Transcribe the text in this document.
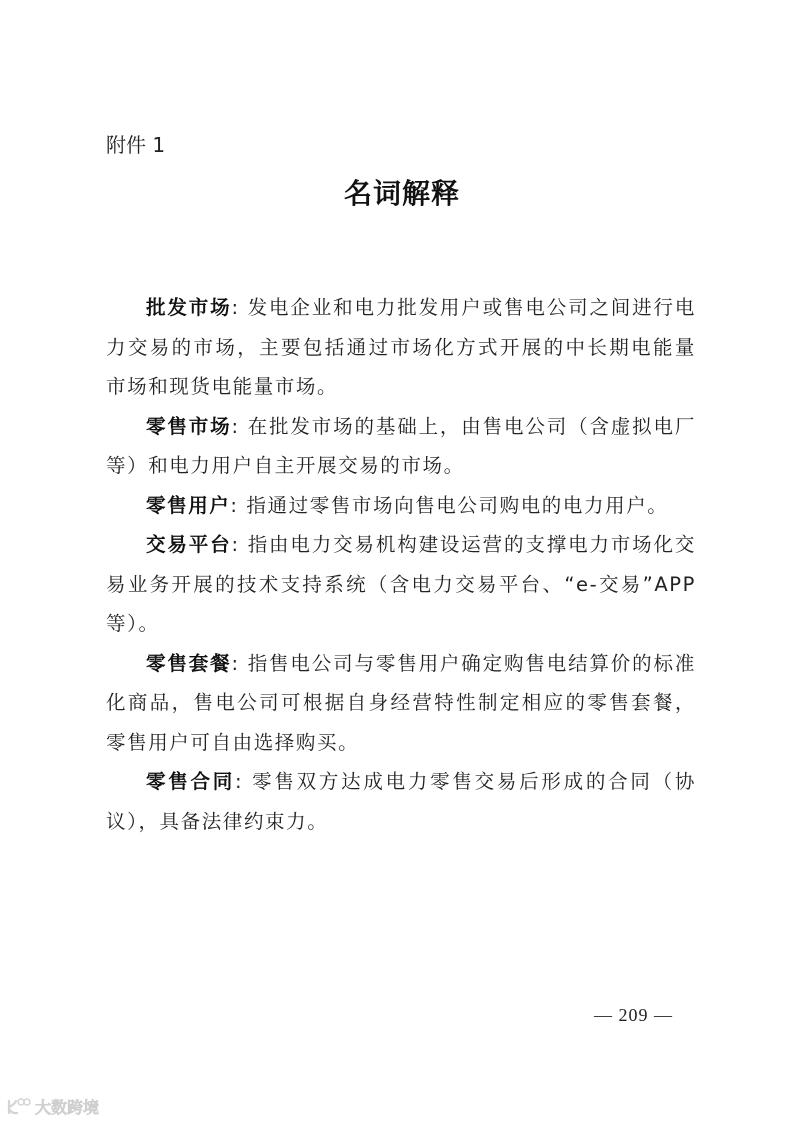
附件 1
名词解释

批发市场: 发电企业和电力批发用户或售电公司之间进行电力交易的市场，主要包括通过市场化方式开展的中长期电能量市场和现货电能量市场。

零售市场: 在批发市场的基础上，由售电公司（含虚拟电厂等）和电力用户自主开展交易的市场。

零售用户: 指通过零售市场向售电公司购电的电力用户。

交易平台: 指由电力交易机构建设运营的支撑电力市场化交易业务开展的技术支持系统（含电力交易平台、“e-交易”APP 等）。

零售套餐: 指售电公司与零售用户确定购售电结算价的标准化商品，售电公司可根据自身经营特性制定相应的零售套餐，零售用户可自由选择购买。

零售合同: 零售双方达成电力零售交易后形成的合同（协议），具备法律约束力。

— 209 —
大数跨境
